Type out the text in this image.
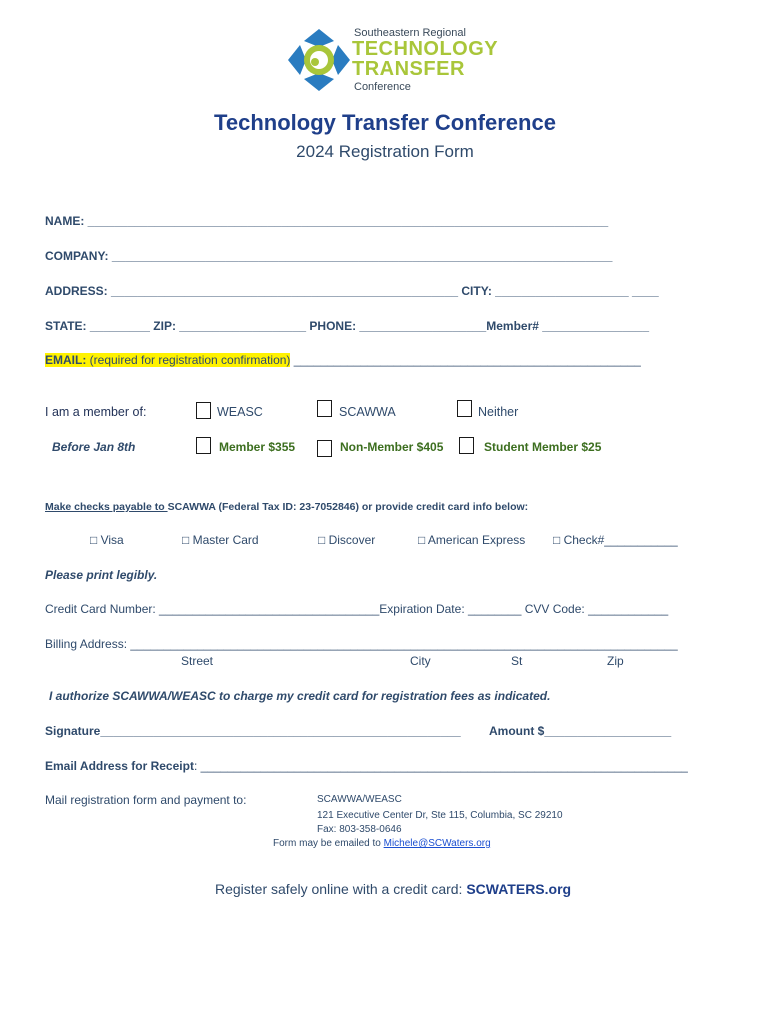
Southeastern Regional
TECHNOLOGY
TRANSFER
Conference
Technology Transfer Conference
2024 Registration Form
NAME: ______________________________________________________________________________
COMPANY: ___________________________________________________________________________
ADDRESS: ____________________________________________________ CITY: ____________________ ____
STATE: _________ ZIP: ___________________ PHONE: ___________________Member# ________________
EMAIL: (required for registration confirmation) ____________________________________________________
I am a member of:	WEASC	SCAWWA	Neither
Before Jan 8th	Member $355	Non-Member $405	Student Member $25
Make checks payable to SCAWWA (Federal Tax ID: 23-7052846) or provide credit card info below:
□ Visa	□ Master Card	□ Discover	□ American Express □ Check#___________
Please print legibly.
Credit Card Number: _________________________________Expiration Date: ________ CVV Code: ____________
Billing Address: __________________________________________________________________________________
Street	City	St	Zip
I authorize SCAWWA/WEASC to charge my credit card for registration fees as indicated.
Signature______________________________________________________ Amount $___________________
Email Address for Receipt: _________________________________________________________________________
Mail registration form and payment to:	SCAWWA/WEASC
121 Executive Center Dr, Ste 115, Columbia, SC 29210
Fax: 803-358-0646
Form may be emailed to Michele@SCWaters.org
Register safely online with a credit card: SCWATERS.org
